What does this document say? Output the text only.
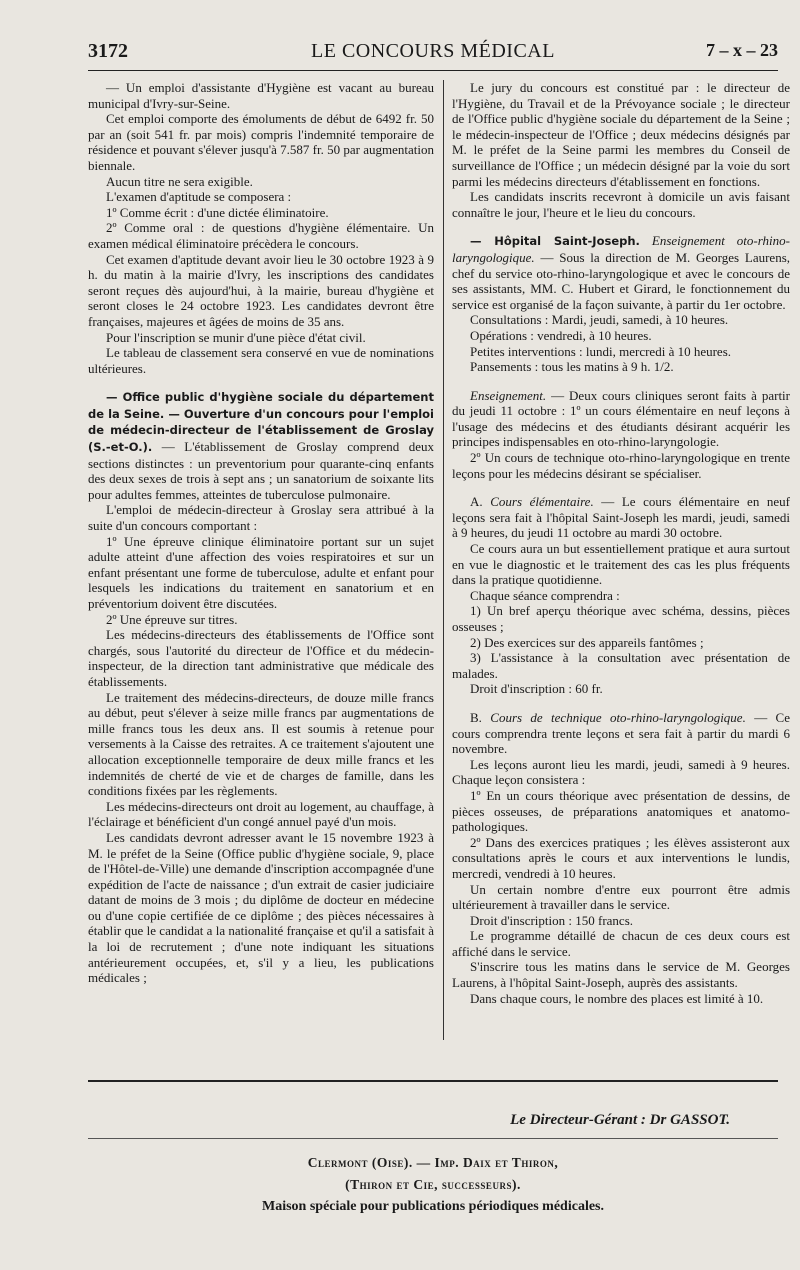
3172	LE CONCOURS MÉDICAL	7 – x – 23

— Un emploi d'assistante d'Hygiène est vacant au bureau municipal d'Ivry-sur-Seine.

Cet emploi comporte des émoluments de début de 6492 fr. 50 par an (soit 541 fr. par mois) compris l'indemnité temporaire de résidence et pouvant s'élever jusqu'à 7.587 fr. 50 par augmentation biennale.

Aucun titre ne sera exigible.

L'examen d'aptitude se composera :

1º Comme écrit : d'une dictée éliminatoire.

2º Comme oral : de questions d'hygiène élémentaire. Un examen médical éliminatoire précèdera le concours.

Cet examen d'aptitude devant avoir lieu le 30 octobre 1923 à 9 h. du matin à la mairie d'Ivry, les inscriptions des candidates seront reçues dès aujourd'hui, à la mairie, bureau d'hygiène et seront closes le 24 octobre 1923. Les candidates devront être françaises, majeures et âgées de moins de 35 ans.

Pour l'inscription se munir d'une pièce d'état civil.

Le tableau de classement sera conservé en vue de nominations ultérieures.

— Office public d'hygiène sociale du département de la Seine. — Ouverture d'un concours pour l'emploi de médecin-directeur de l'établissement de Groslay (S.-et-O.). — L'établissement de Groslay comprend deux sections distinctes : un preventorium pour quarante-cinq enfants des deux sexes de trois à sept ans ; un sanatorium de soixante lits pour adultes femmes, atteintes de tuberculose pulmonaire.

L'emploi de médecin-directeur à Groslay sera attribué à la suite d'un concours comportant :

1º Une épreuve clinique éliminatoire portant sur un sujet adulte atteint d'une affection des voies respiratoires et sur un enfant présentant une forme de tuberculose, adulte et enfant pour lesquels les indications du traitement en sanatorium et en préventorium doivent être discutées.

2º Une épreuve sur titres.

Les médecins-directeurs des établissements de l'Office sont chargés, sous l'autorité du directeur de l'Office et du médecin-inspecteur, de la direction tant administrative que médicale des établissements.

Le traitement des médecins-directeurs, de douze mille francs au début, peut s'élever à seize mille francs par augmentations de mille francs tous les deux ans. Il est soumis à retenue pour versements à la Caisse des retraites. A ce traitement s'ajoutent une allocation exceptionnelle temporaire de deux mille francs et les indemnités de cherté de vie et de charges de famille, dans les conditions fixées par les règlements.

Les médecins-directeurs ont droit au logement, au chauffage, à l'éclairage et bénéficient d'un congé annuel payé d'un mois.

Les candidats devront adresser avant le 15 novembre 1923 à M. le préfet de la Seine (Office public d'hygiène sociale, 9, place de l'Hôtel-de-Ville) une demande d'inscription accompagnée d'une expédition de l'acte de naissance ; d'un extrait de casier judiciaire datant de moins de 3 mois ; du diplôme de docteur en médecine ou d'une copie certifiée de ce diplôme ; des pièces nécessaires à établir que le candidat a la nationalité française et qu'il a satisfait à la loi de recrutement ; d'une note indiquant les situations antérieurement occupées, et, s'il y a lieu, les publications médicales ;

Le jury du concours est constitué par : le directeur de l'Hygiène, du Travail et de la Prévoyance sociale ; le directeur de l'Office public d'hygiène sociale du département de la Seine ; le médecin-inspecteur de l'Office ; deux médecins désignés par M. le préfet de la Seine parmi les membres du Conseil de surveillance de l'Office ; un médecin désigné par la voie du sort parmi les médecins directeurs d'établissement en fonctions.

Les candidats inscrits recevront à domicile un avis faisant connaître le jour, l'heure et le lieu du concours.

— Hôpital Saint-Joseph. Enseignement oto-rhino-laryngologique. — Sous la direction de M. Georges Laurens, chef du service oto-rhino-laryngologique et avec le concours de ses assistants, MM. C. Hubert et Girard, le fonctionnement du service est organisé de la façon suivante, à partir du 1er octobre.

Consultations : Mardi, jeudi, samedi, à 10 heures.

Opérations : vendredi, à 10 heures.

Petites interventions : lundi, mercredi à 10 heures.

Pansements : tous les matins à 9 h. 1/2.

Enseignement. — Deux cours cliniques seront faits à partir du jeudi 11 octobre : 1º un cours élémentaire en neuf leçons à l'usage des médecins et des étudiants désirant acquérir les principes indispensables en oto-rhino-laryngologie.

2º Un cours de technique oto-rhino-laryngologique en trente leçons pour les médecins désirant se spécialiser.

A. Cours élémentaire. — Le cours élémentaire en neuf leçons sera fait à l'hôpital Saint-Joseph les mardi, jeudi, samedi à 9 heures, du jeudi 11 octobre au mardi 30 octobre.

Ce cours aura un but essentiellement pratique et aura surtout en vue le diagnostic et le traitement des cas les plus fréquents dans la pratique quotidienne.

Chaque séance comprendra :

1) Un bref aperçu théorique avec schéma, dessins, pièces osseuses ;

2) Des exercices sur des appareils fantômes ;

3) L'assistance à la consultation avec présentation de malades.

Droit d'inscription : 60 fr.

B. Cours de technique oto-rhino-laryngologique. — Ce cours comprendra trente leçons et sera fait à partir du mardi 6 novembre.

Les leçons auront lieu les mardi, jeudi, samedi à 9 heures. Chaque leçon consistera :

1º En un cours théorique avec présentation de dessins, de pièces osseuses, de préparations anatomiques et anatomo-pathologiques.

2º Dans des exercices pratiques ; les élèves assisteront aux consultations après le cours et aux interventions le lundis, mercredi, vendredi à 10 heures.

Un certain nombre d'entre eux pourront être admis ultérieurement à travailler dans le service.

Droit d'inscription : 150 francs.

Le programme détaillé de chacun de ces deux cours est affiché dans le service.

S'inscrire tous les matins dans le service de M. Georges Laurens, à l'hôpital Saint-Joseph, auprès des assistants.

Dans chaque cours, le nombre des places est limité à 10.

Le Directeur-Gérant : Dr GASSOT.
Clermont (Oise). — Imp. Daix et Thiron,
(Thiron et Cie, successeurs).
Maison spéciale pour publications périodiques médicales.
